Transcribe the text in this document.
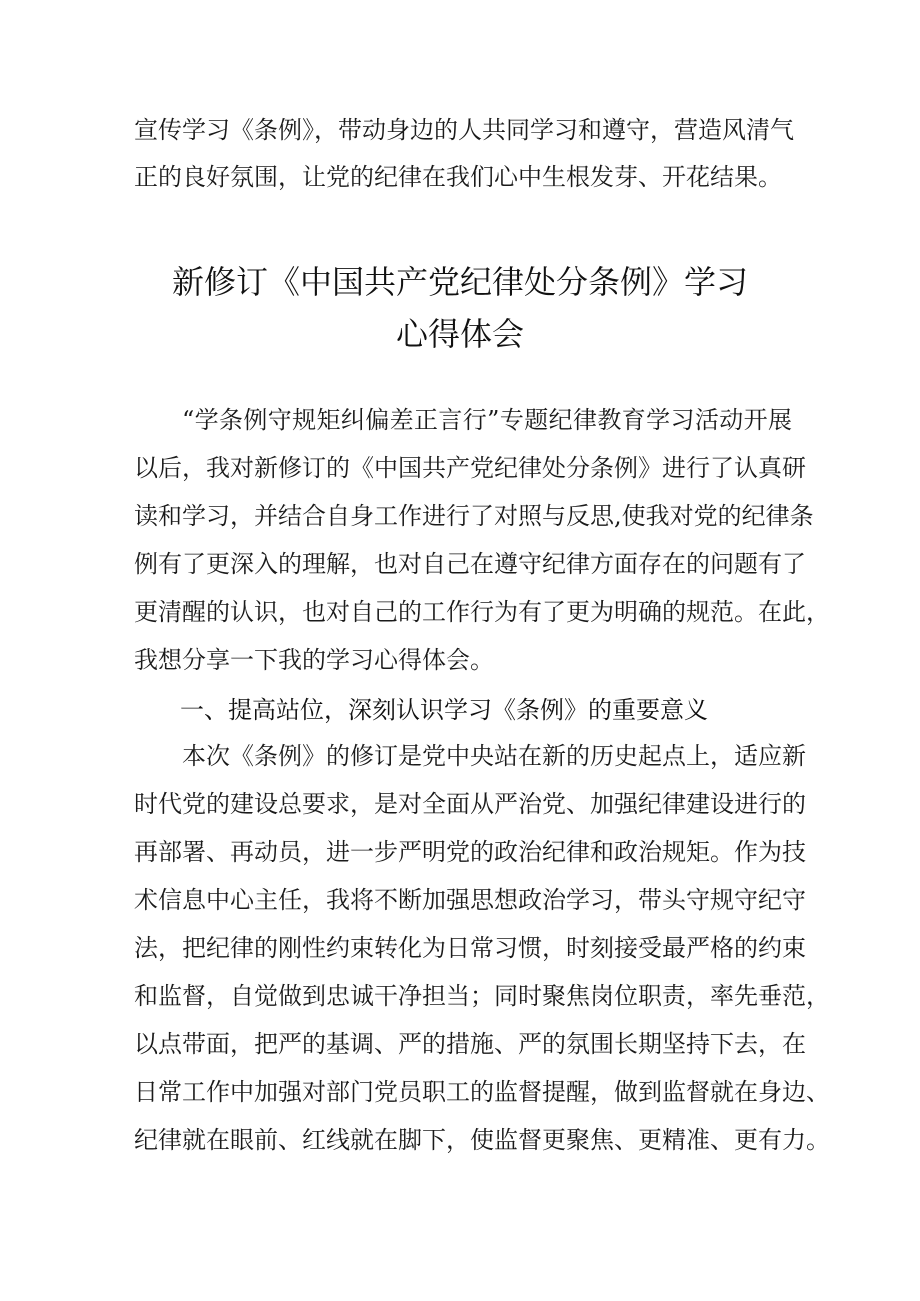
宣传学习《条例》，带动身边的人共同学习和遵守，营造风清气
正的良好氛围，让党的纪律在我们心中生根发芽、开花结果。
新修订《中国共产党纪律处分条例》学习
心得体会
“学条例守规矩纠偏差正言行”专题纪律教育学习活动开展
以后，我对新修订的《中国共产党纪律处分条例》进行了认真研
读和学习，并结合自身工作进行了对照与反思,使我对党的纪律条
例有了更深入的理解，也对自己在遵守纪律方面存在的问题有了
更清醒的认识，也对自己的工作行为有了更为明确的规范。在此，
我想分享一下我的学习心得体会。
一、提高站位，深刻认识学习《条例》的重要意义
本次《条例》的修订是党中央站在新的历史起点上，适应新
时代党的建设总要求，是对全面从严治党、加强纪律建设进行的
再部署、再动员，进一步严明党的政治纪律和政治规矩。作为技
术信息中心主任，我将不断加强思想政治学习，带头守规守纪守
法，把纪律的刚性约束转化为日常习惯，时刻接受最严格的约束
和监督，自觉做到忠诚干净担当；同时聚焦岗位职责，率先垂范，
以点带面，把严的基调、严的措施、严的氛围长期坚持下去，在
日常工作中加强对部门党员职工的监督提醒，做到监督就在身边、
纪律就在眼前、红线就在脚下，使监督更聚焦、更精准、更有力。
